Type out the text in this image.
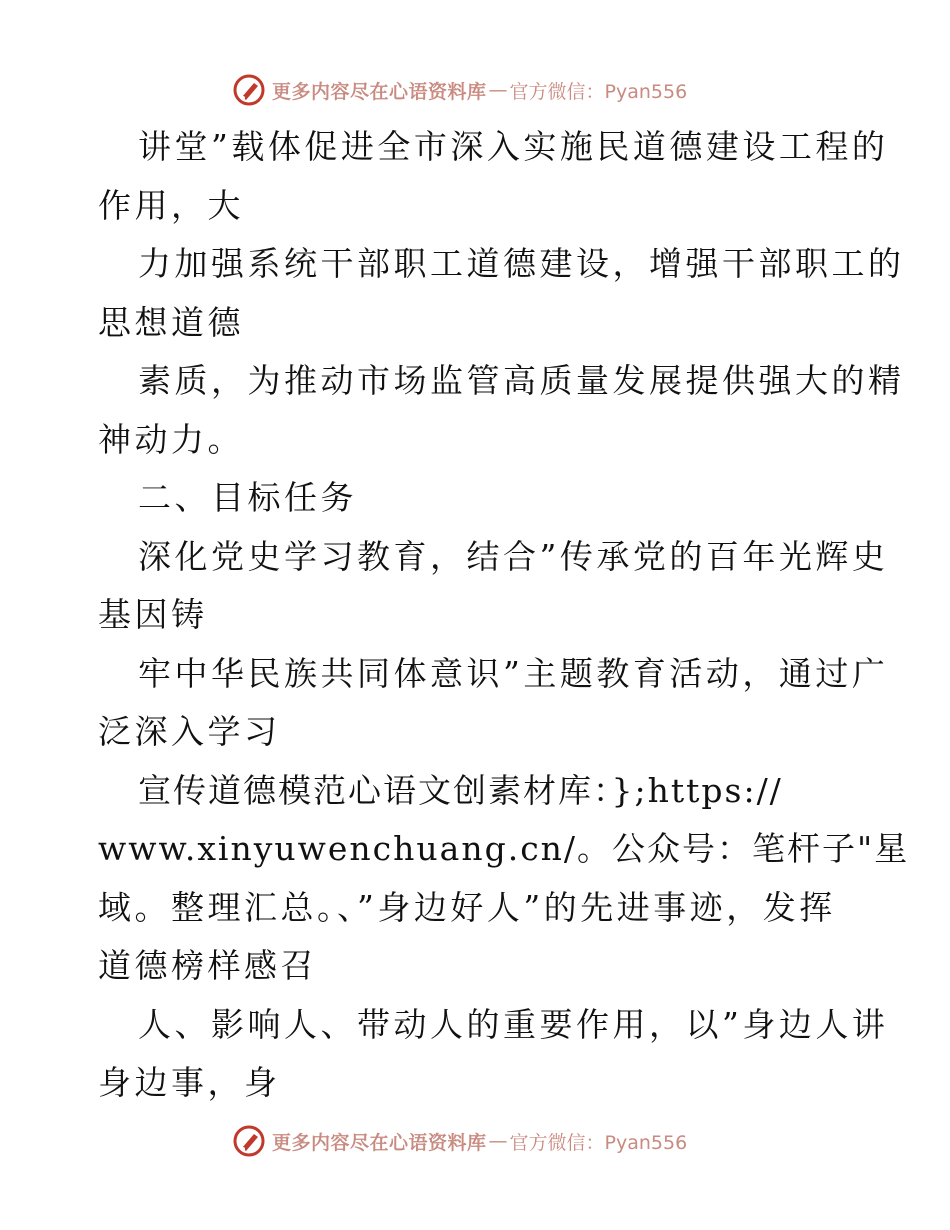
更多内容尽在心语资料库 — 官方微信：Pyan556
讲堂”载体促进全市深入实施民道德建设工程的
作用，大
力加强系统干部职工道德建设，增强干部职工的
思想道德
素质，为推动市场监管高质量发展提供强大的精
神动力。
二、目标任务
深化党史学习教育，结合”传承党的百年光辉史
基因铸
牢中华民族共同体意识”主题教育活动，通过广
泛深入学习
宣传道德模范心语文创素材库：};https://
www.xinyuwenchuang.cn/。公众号：笔杆子"星
域。整理汇总。、”身边好人”的先进事迹，发挥
道德榜样感召
人、影响人、带动人的重要作用，以”身边人讲
身边事，身
更多内容尽在心语资料库 — 官方微信：Pyan556
